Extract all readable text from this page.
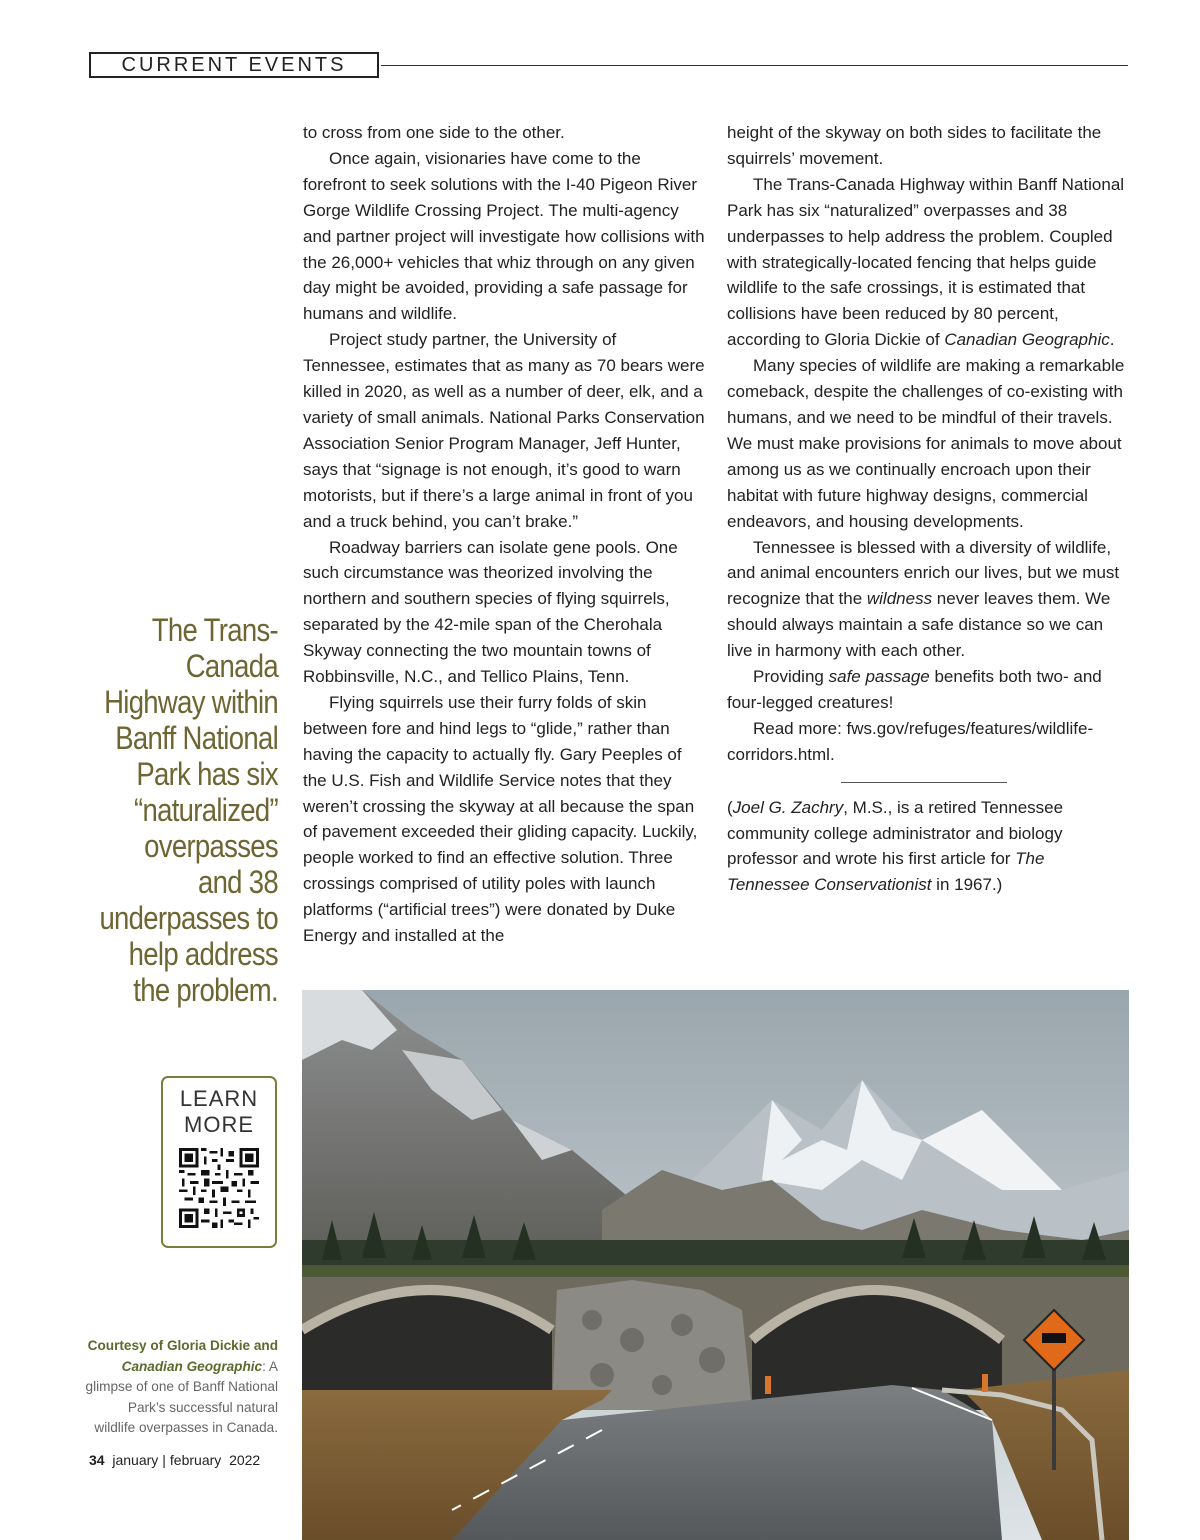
CURRENT EVENTS

to cross from one side to the other.

Once again, visionaries have come to the forefront to seek solutions with the I-40 Pigeon River Gorge Wildlife Crossing Project. The multi-agency and partner project will investigate how collisions with the 26,000+ vehicles that whiz through on any given day might be avoided, providing a safe passage for humans and wildlife.

Project study partner, the University of Tennessee, estimates that as many as 70 bears were killed in 2020, as well as a number of deer, elk, and a variety of small animals. National Parks Conservation Association Senior Program Manager, Jeff Hunter, says that “signage is not enough, it’s good to warn motorists, but if there’s a large animal in front of you and a truck behind, you can’t brake.”

Roadway barriers can isolate gene pools. One such circumstance was theorized involving the northern and southern species of flying squirrels, separated by the 42-mile span of the Cherohala Skyway connecting the two mountain towns of Robbinsville, N.C., and Tellico Plains, Tenn.

Flying squirrels use their furry folds of skin between fore and hind legs to “glide,” rather than having the capacity to actually fly. Gary Peeples of the U.S. Fish and Wildlife Service notes that they weren’t crossing the skyway at all because the span of pavement exceeded their gliding capacity. Luckily, people worked to find an effective solution. Three crossings comprised of utility poles with launch platforms (“artificial trees”) were donated by Duke Energy and installed at the

height of the skyway on both sides to facilitate the squirrels’ movement.

The Trans-Canada Highway within Banff National Park has six “naturalized” overpasses and 38 underpasses to help address the problem. Coupled with strategically-located fencing that helps guide wildlife to the safe crossings, it is estimated that collisions have been reduced by 80 percent, according to Gloria Dickie of Canadian Geographic.

Many species of wildlife are making a remarkable comeback, despite the challenges of co-existing with humans, and we need to be mindful of their travels. We must make provisions for animals to move about among us as we continually encroach upon their habitat with future highway designs, commercial endeavors, and housing developments.

Tennessee is blessed with a diversity of wildlife, and animal encounters enrich our lives, but we must recognize that the wildness never leaves them. We should always maintain a safe distance so we can live in harmony with each other.

Providing safe passage benefits both two- and four-legged creatures!

Read more: fws.gov/refuges/features/wildlife-corridors.html.

(Joel G. Zachry, M.S., is a retired Tennessee community college administrator and biology professor and wrote his first article for The Tennessee Conservationist in 1967.)

The Trans-Canada Highway within Banff National Park has six “naturalized” overpasses and 38 underpasses to help address the problem.
LEARN
MORE
Courtesy of Gloria Dickie and Canadian Geographic: A glimpse of one of Banff National Park’s successful natural wildlife overpasses in Canada.
34 january | february 2022
